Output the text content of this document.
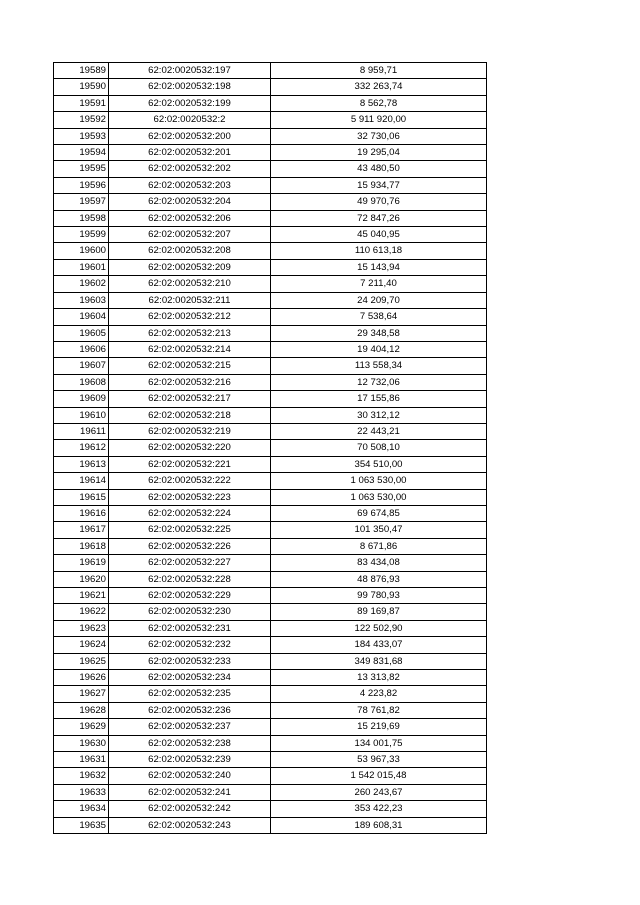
19589	62:02:0020532:197	8 959,71
19590	62:02:0020532:198	332 263,74
19591	62:02:0020532:199	8 562,78
19592	62:02:0020532:2	5 911 920,00
19593	62:02:0020532:200	32 730,06
19594	62:02:0020532:201	19 295,04
19595	62:02:0020532:202	43 480,50
19596	62:02:0020532:203	15 934,77
19597	62:02:0020532:204	49 970,76
19598	62:02:0020532:206	72 847,26
19599	62:02:0020532:207	45 040,95
19600	62:02:0020532:208	110 613,18
19601	62:02:0020532:209	15 143,94
19602	62:02:0020532:210	7 211,40
19603	62:02:0020532:211	24 209,70
19604	62:02:0020532:212	7 538,64
19605	62:02:0020532:213	29 348,58
19606	62:02:0020532:214	19 404,12
19607	62:02:0020532:215	113 558,34
19608	62:02:0020532:216	12 732,06
19609	62:02:0020532:217	17 155,86
19610	62:02:0020532:218	30 312,12
19611	62:02:0020532:219	22 443,21
19612	62:02:0020532:220	70 508,10
19613	62:02:0020532:221	354 510,00
19614	62:02:0020532:222	1 063 530,00
19615	62:02:0020532:223	1 063 530,00
19616	62:02:0020532:224	69 674,85
19617	62:02:0020532:225	101 350,47
19618	62:02:0020532:226	8 671,86
19619	62:02:0020532:227	83 434,08
19620	62:02:0020532:228	48 876,93
19621	62:02:0020532:229	99 780,93
19622	62:02:0020532:230	89 169,87
19623	62:02:0020532:231	122 502,90
19624	62:02:0020532:232	184 433,07
19625	62:02:0020532:233	349 831,68
19626	62:02:0020532:234	13 313,82
19627	62:02:0020532:235	4 223,82
19628	62:02:0020532:236	78 761,82
19629	62:02:0020532:237	15 219,69
19630	62:02:0020532:238	134 001,75
19631	62:02:0020532:239	53 967,33
19632	62:02:0020532:240	1 542 015,48
19633	62:02:0020532:241	260 243,67
19634	62:02:0020532:242	353 422,23
19635	62:02:0020532:243	189 608,31
